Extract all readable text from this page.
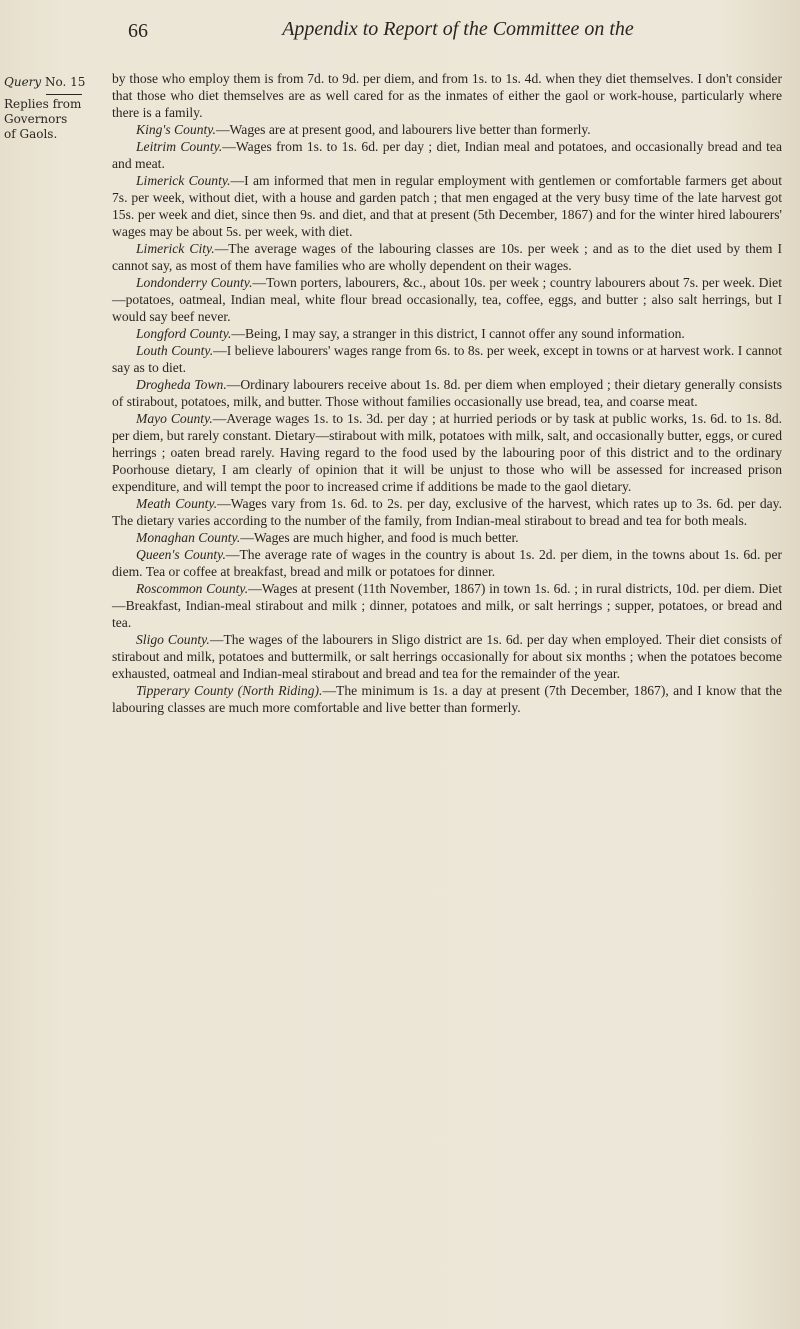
66	Appendix to Report of the Committee on the
Query No. 15
Replies from
Governors
of Gaols.

by those who employ them is from 7d. to 9d. per diem, and from 1s. to 1s. 4d. when they diet themselves. I don't consider that those who diet themselves are as well cared for as the inmates of either the gaol or work-house, particularly where there is a family.

King's County.—Wages are at present good, and labourers live better than formerly.

Leitrim County.—Wages from 1s. to 1s. 6d. per day ; diet, Indian meal and potatoes, and occasionally bread and tea and meat.

Limerick County.—I am informed that men in regular employment with gentlemen or comfortable farmers get about 7s. per week, without diet, with a house and garden patch ; that men engaged at the very busy time of the late harvest got 15s. per week and diet, since then 9s. and diet, and that at present (5th December, 1867) and for the winter hired labourers' wages may be about 5s. per week, with diet.

Limerick City.—The average wages of the labouring classes are 10s. per week ; and as to the diet used by them I cannot say, as most of them have families who are wholly dependent on their wages.

Londonderry County.—Town porters, labourers, &c., about 10s. per week ; country labourers about 7s. per week. Diet—potatoes, oatmeal, Indian meal, white flour bread occasionally, tea, coffee, eggs, and butter ; also salt herrings, but I would say beef never.

Longford County.—Being, I may say, a stranger in this district, I cannot offer any sound information.

Louth County.—I believe labourers' wages range from 6s. to 8s. per week, except in towns or at harvest work. I cannot say as to diet.

Drogheda Town.—Ordinary labourers receive about 1s. 8d. per diem when employed ; their dietary generally consists of stirabout, potatoes, milk, and butter. Those without families occasionally use bread, tea, and coarse meat.

Mayo County.—Average wages 1s. to 1s. 3d. per day ; at hurried periods or by task at public works, 1s. 6d. to 1s. 8d. per diem, but rarely constant. Dietary—stirabout with milk, potatoes with milk, salt, and occasionally butter, eggs, or cured herrings ; oaten bread rarely. Having regard to the food used by the labouring poor of this district and to the ordinary Poorhouse dietary, I am clearly of opinion that it will be unjust to those who will be assessed for increased prison expenditure, and will tempt the poor to increased crime if additions be made to the gaol dietary.

Meath County.—Wages vary from 1s. 6d. to 2s. per day, exclusive of the harvest, which rates up to 3s. 6d. per day. The dietary varies according to the number of the family, from Indian-meal stirabout to bread and tea for both meals.

Monaghan County.—Wages are much higher, and food is much better.

Queen's County.—The average rate of wages in the country is about 1s. 2d. per diem, in the towns about 1s. 6d. per diem. Tea or coffee at breakfast, bread and milk or potatoes for dinner.

Roscommon County.—Wages at present (11th November, 1867) in town 1s. 6d. ; in rural districts, 10d. per diem. Diet—Breakfast, Indian-meal stirabout and milk ; dinner, potatoes and milk, or salt herrings ; supper, potatoes, or bread and tea.

Sligo County.—The wages of the labourers in Sligo district are 1s. 6d. per day when employed. Their diet consists of stirabout and milk, potatoes and buttermilk, or salt herrings occasionally for about six months ; when the potatoes become exhausted, oatmeal and Indian-meal stirabout and bread and tea for the remainder of the year.

Tipperary County (North Riding).—The minimum is 1s. a day at present (7th December, 1867), and I know that the labouring classes are much more comfortable and live better than formerly.
